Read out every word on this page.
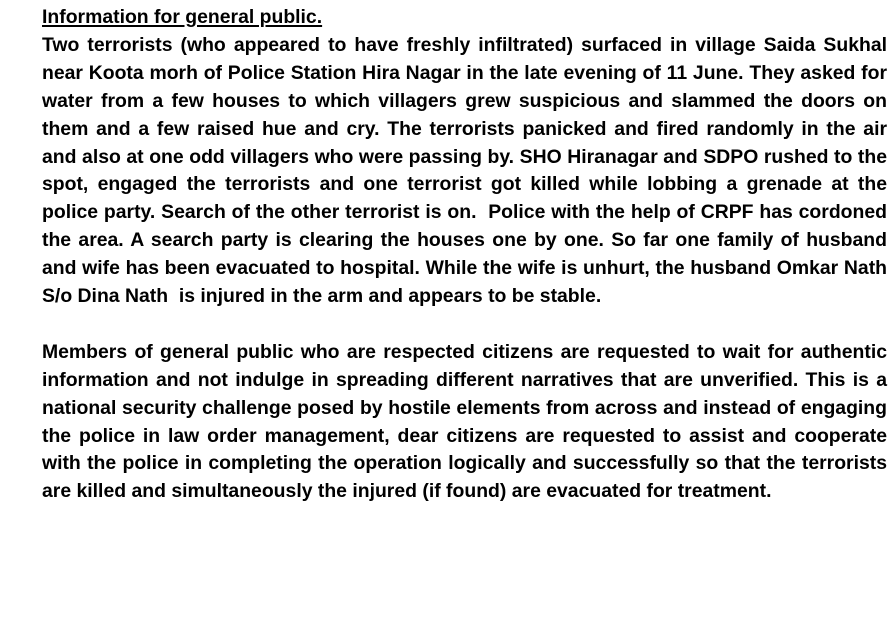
Information for general public.

Two terrorists (who appeared to have freshly infiltrated) surfaced in village Saida Sukhal near Koota morh of Police Station Hira Nagar in the late evening of 11 June. They asked for water from a few houses to which villagers grew suspicious and slammed the doors on them and a few raised hue and cry. The terrorists panicked and fired randomly in the air and also at one odd villagers who were passing by. SHO Hiranagar and SDPO rushed to the spot, engaged the terrorists and one terrorist got killed while lobbing a grenade at the police party. Search of the other terrorist is on.  Police with the help of CRPF has cordoned the area. A search party is clearing the houses one by one. So far one family of husband and wife has been evacuated to hospital. While the wife is unhurt, the husband Omkar Nath S/o Dina Nath  is injured in the arm and appears to be stable.

Members of general public who are respected citizens are requested to wait for authentic information and not indulge in spreading different narratives that are unverified. This is a national security challenge posed by hostile elements from across and instead of engaging the police in law order management, dear citizens are requested to assist and cooperate with the police in completing the operation logically and successfully so that the terrorists are killed and simultaneously the injured (if found) are evacuated for treatment.
